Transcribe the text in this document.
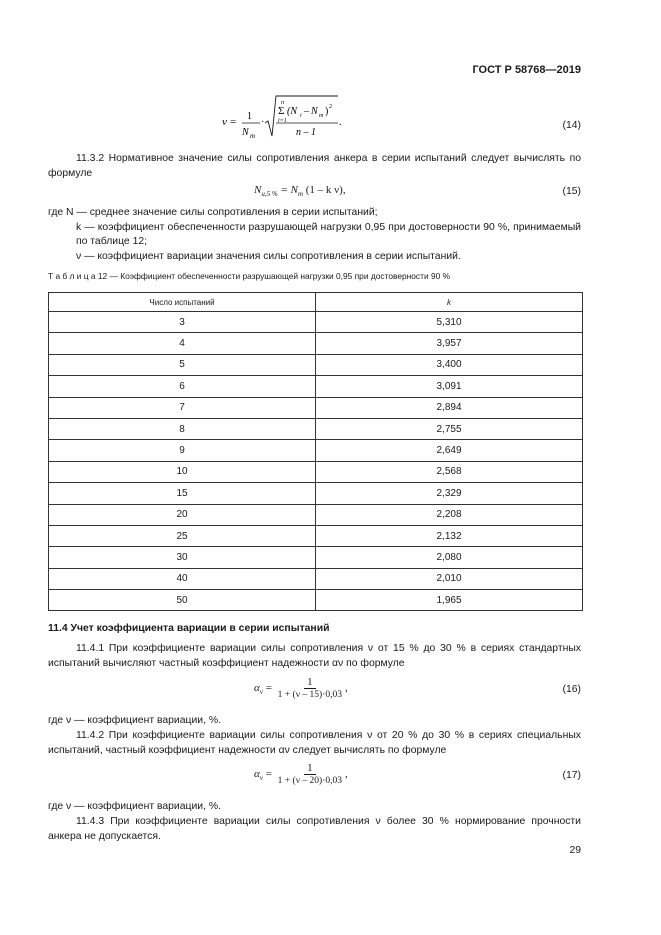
ГОСТ Р 58768—2019
ν = 1
N m
·
n
Σ
i=1
(N i – N m ) 2
n – 1
.	(14)
11.3.2 Нормативное значение силы сопротивления анкера в серии испытаний следует вычислять по формуле
$N_{u,5 \%} = N_m$ (1 – k ν),	(15)
где N — среднее значение силы сопротивления в серии испытаний;
k — коэффициент обеспеченности разрушающей нагрузки 0,95 при достоверности 90 %, принимаемый по таблице 12;
ν — коэффициент вариации значения силы сопротивления в серии испытаний.
Т а б л и ц а 12 — Коэффициент обеспеченности разрушающей нагрузки 0,95 при достоверности 90 %
Число испытаний	k
3	5,310
4	3,957
5	3,400
6	3,091
7	2,894
8	2,755
9	2,649
10	2,568
15	2,329
20	2,208
25	2,132
30	2,080
40	2,010
50	1,965
11.4 Учет коэффициента вариации в серии испытаний
11.4.1 При коэффициенте вариации силы сопротивления ν от 15 % до 30 % в сериях стандартных испытаний вычисляют частный коэффициент надежности αν по формуле
$\alpha_\nu = \frac{1}{1 + (\nu - 15)\cdot 0,03}$ ,	(16)
где ν — коэффициент вариации, %.
11.4.2 При коэффициенте вариации силы сопротивления ν от 20 % до 30 % в сериях специальных испытаний, частный коэффициент надежности αν следует вычислять по формуле
$\alpha_\nu = \frac{1}{1 + (\nu - 20)\cdot 0,03}$ ,	(17)
где ν — коэффициент вариации, %.
11.4.3 При коэффициенте вариации силы сопротивления ν более 30 % нормирование прочности анкера не допускается.
29
